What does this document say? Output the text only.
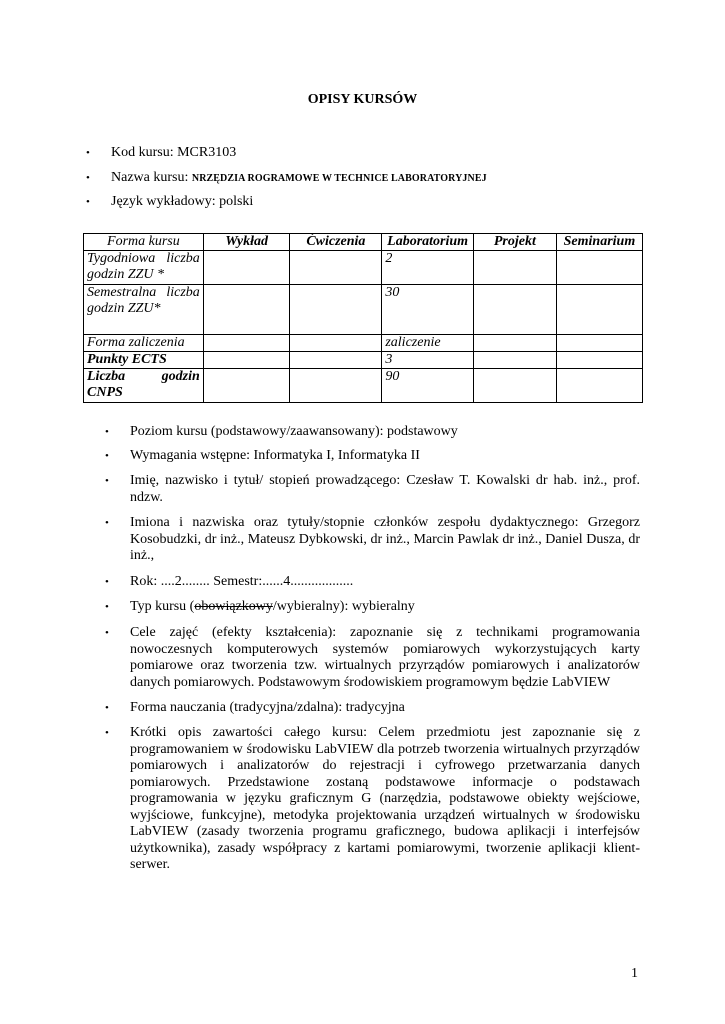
OPISY KURSÓW
• Kod kursu: MCR3103
• Nazwa kursu: NRZĘDZIA ROGRAMOWE W TECHNICE LABORATORYJNEJ
• Język wykładowy: polski
Forma kursu	Wykład	Ćwiczenia	Laboratorium	Projekt	Seminarium
Tygodniowa liczba godzin ZZU *			2		
Semestralna liczba godzin ZZU*			30		
Forma zaliczenia			zaliczenie		
Punkty ECTS			3		
Liczba godzin CNPS			90		
• Poziom kursu (podstawowy/zaawansowany): podstawowy
• Wymagania wstępne: Informatyka I, Informatyka II
• Imię, nazwisko i tytuł/ stopień prowadzącego: Czesław T. Kowalski dr hab. inż., prof. ndzw.
• Imiona i nazwiska oraz tytuły/stopnie członków zespołu dydaktycznego: Grzegorz Kosobudzki, dr inż., Mateusz Dybkowski, dr inż., Marcin Pawlak dr inż., Daniel Dusza, dr inż.,
• Rok: ....2........ Semestr:......4..................
• Typ kursu (obowiązkowy/wybieralny): wybieralny
• Cele zajęć (efekty kształcenia): zapoznanie się z technikami programowania nowoczesnych komputerowych systemów pomiarowych wykorzystujących karty pomiarowe oraz tworzenia tzw. wirtualnych przyrządów pomiarowych i analizatorów danych pomiarowych. Podstawowym środowiskiem programowym będzie LabVIEW
• Forma nauczania (tradycyjna/zdalna): tradycyjna
• Krótki opis zawartości całego kursu: Celem przedmiotu jest zapoznanie się z programowaniem w środowisku LabVIEW dla potrzeb tworzenia wirtualnych przyrządów pomiarowych i analizatorów do rejestracji i cyfrowego przetwarzania danych pomiarowych. Przedstawione zostaną podstawowe informacje o podstawach programowania w języku graficznym G (narzędzia, podstawowe obiekty wejściowe, wyjściowe, funkcyjne), metodyka projektowania urządzeń wirtualnych w środowisku LabVIEW (zasady tworzenia programu graficznego, budowa aplikacji i interfejsów użytkownika), zasady współpracy z kartami pomiarowymi, tworzenie aplikacji klient-serwer.
1
